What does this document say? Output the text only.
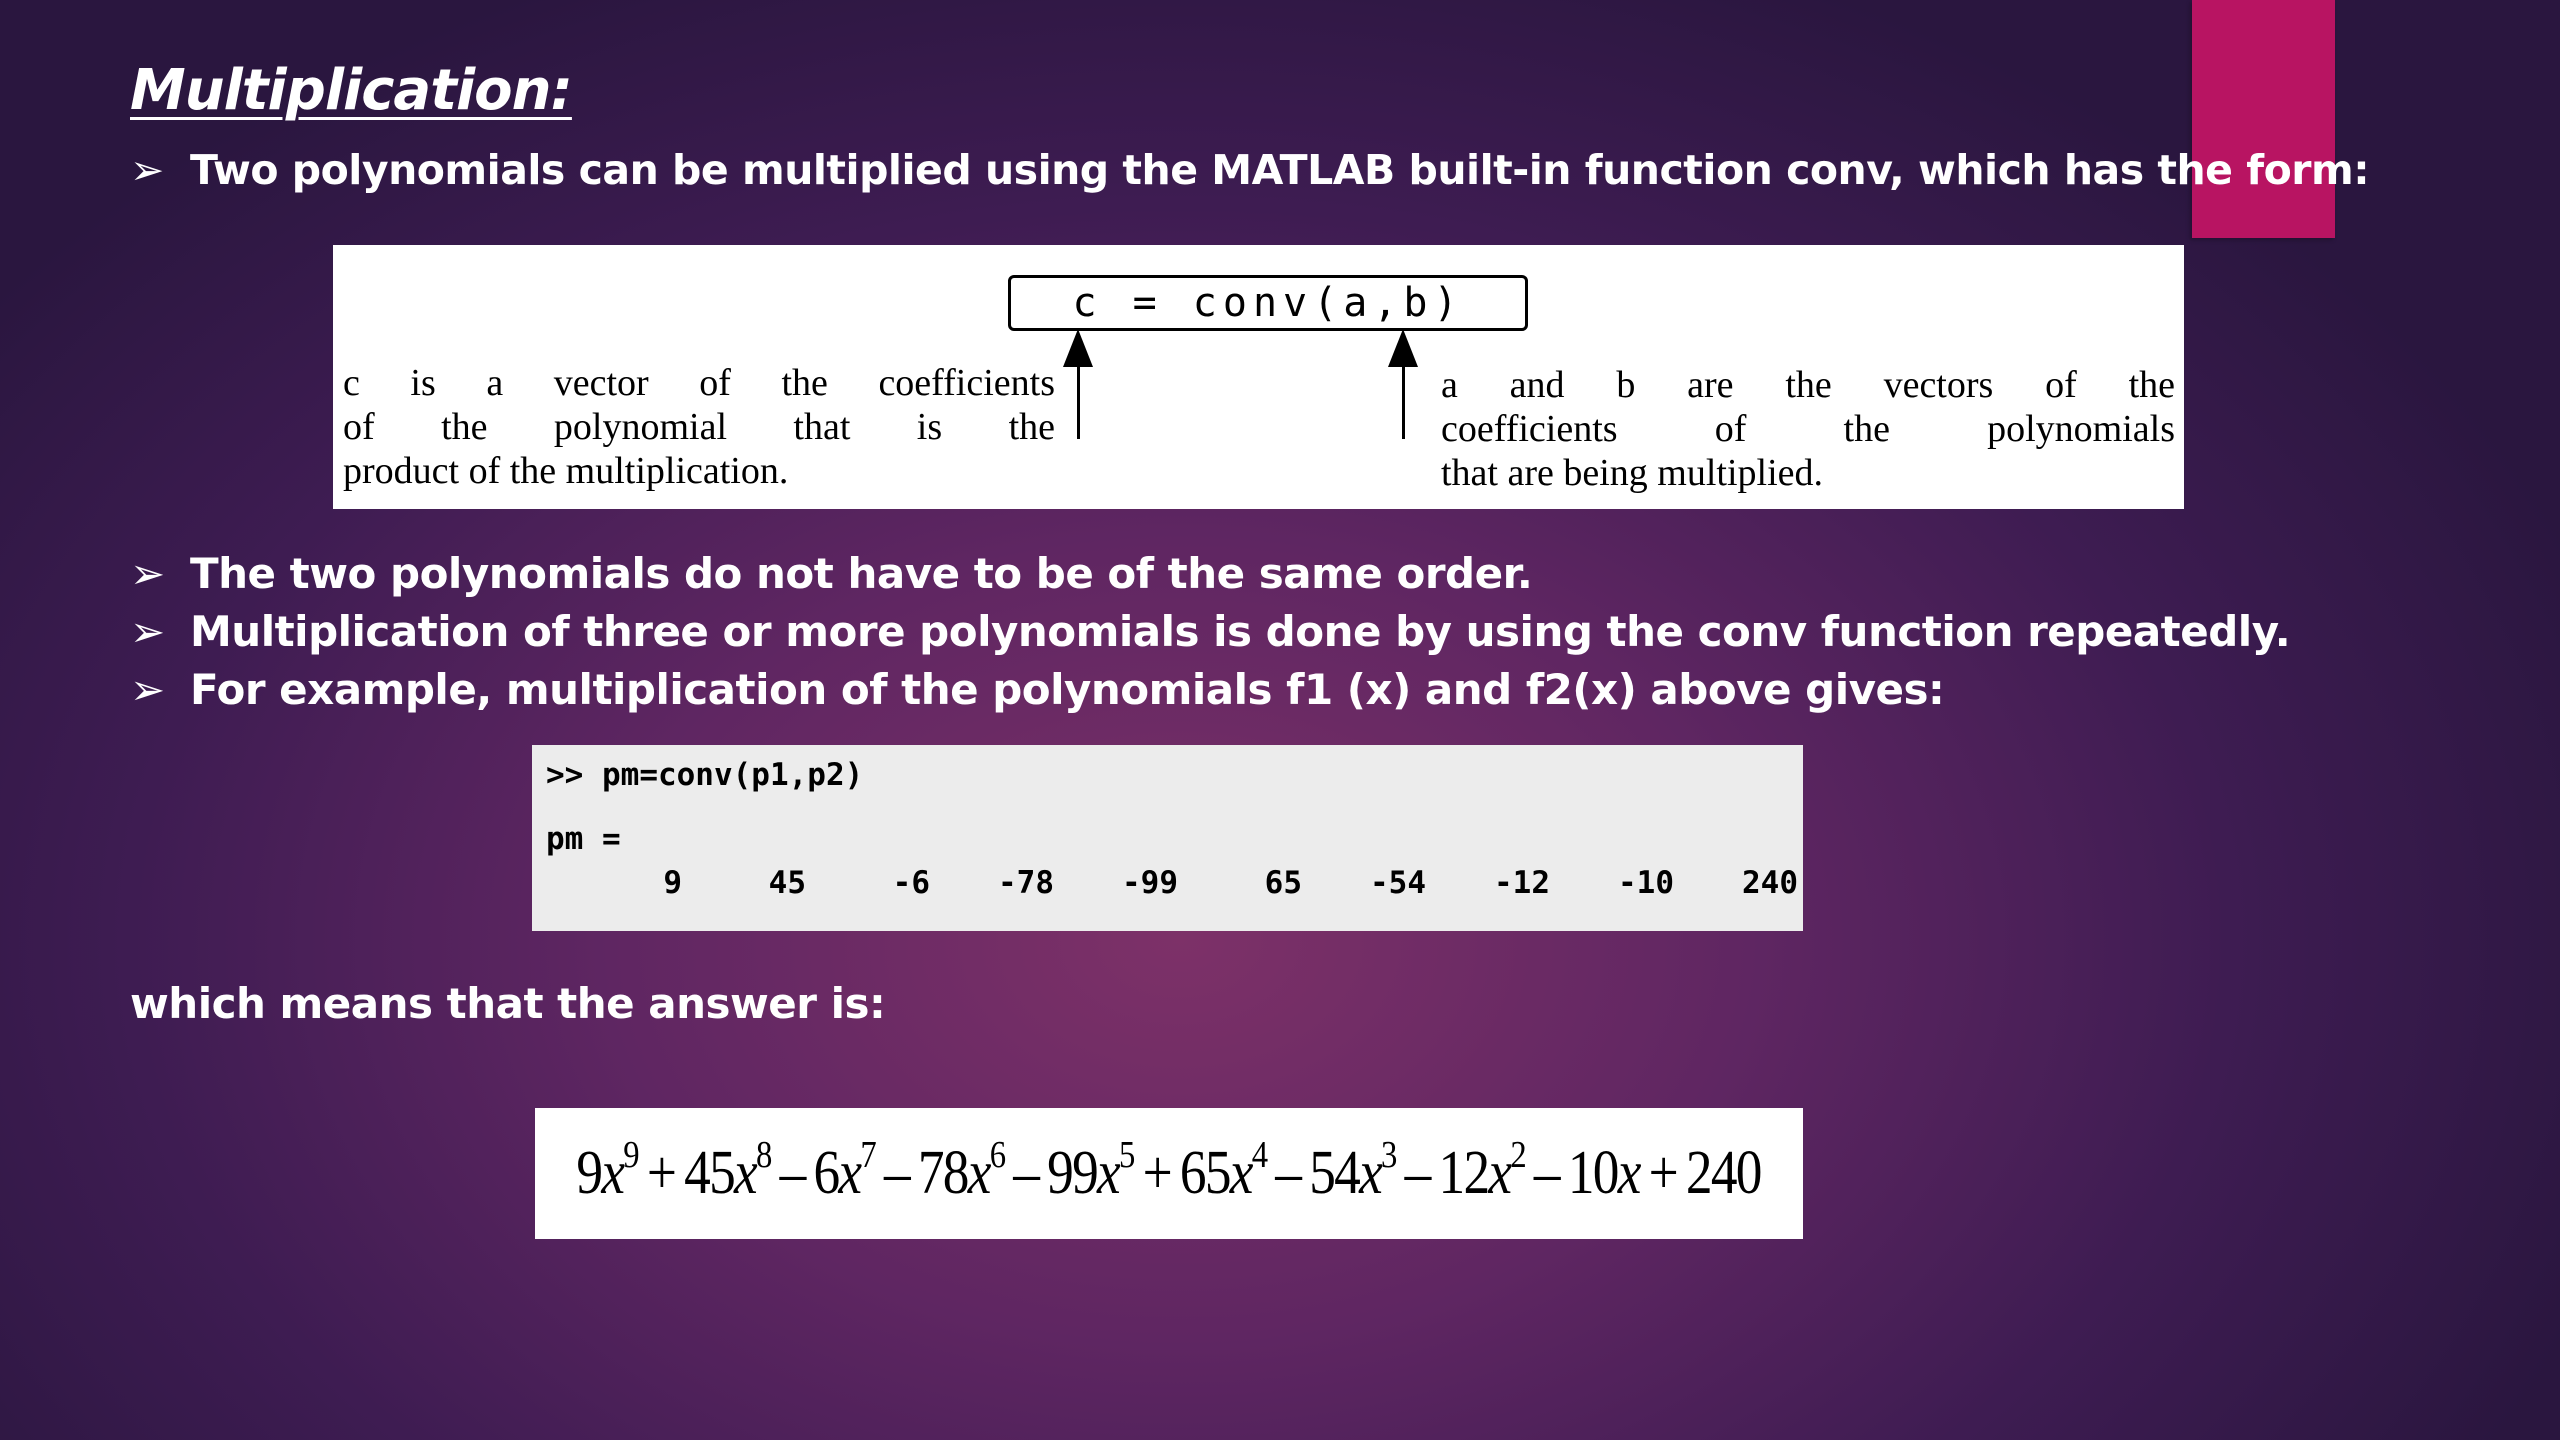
Multiplication:
➢ Two polynomials can be multiplied using the MATLAB built-in function conv, which has the form:
c = conv(a,b)
c is a vector of the coefficients
of the polynomial that is the
product of the multiplication.
a and b are the vectors of the
coefficients of the polynomials
that are being multiplied.
➢ The two polynomials do not have to be of the same order.
➢ Multiplication of three or more polynomials is done by using the conv function repeatedly.
➢ For example, multiplication of the polynomials f1 (x) and f2(x) above gives:
>> pm=conv(p1,p2)
pm =
9	45	-6	-78	-99	65	-54	-12	-10	240
which means that the answer is:
$9x^9 + 45x^8 - 6x^7 - 78x^6 - 99x^5 + 65x^4 - 54x^3 - 12x^2 - 10x + 240$
